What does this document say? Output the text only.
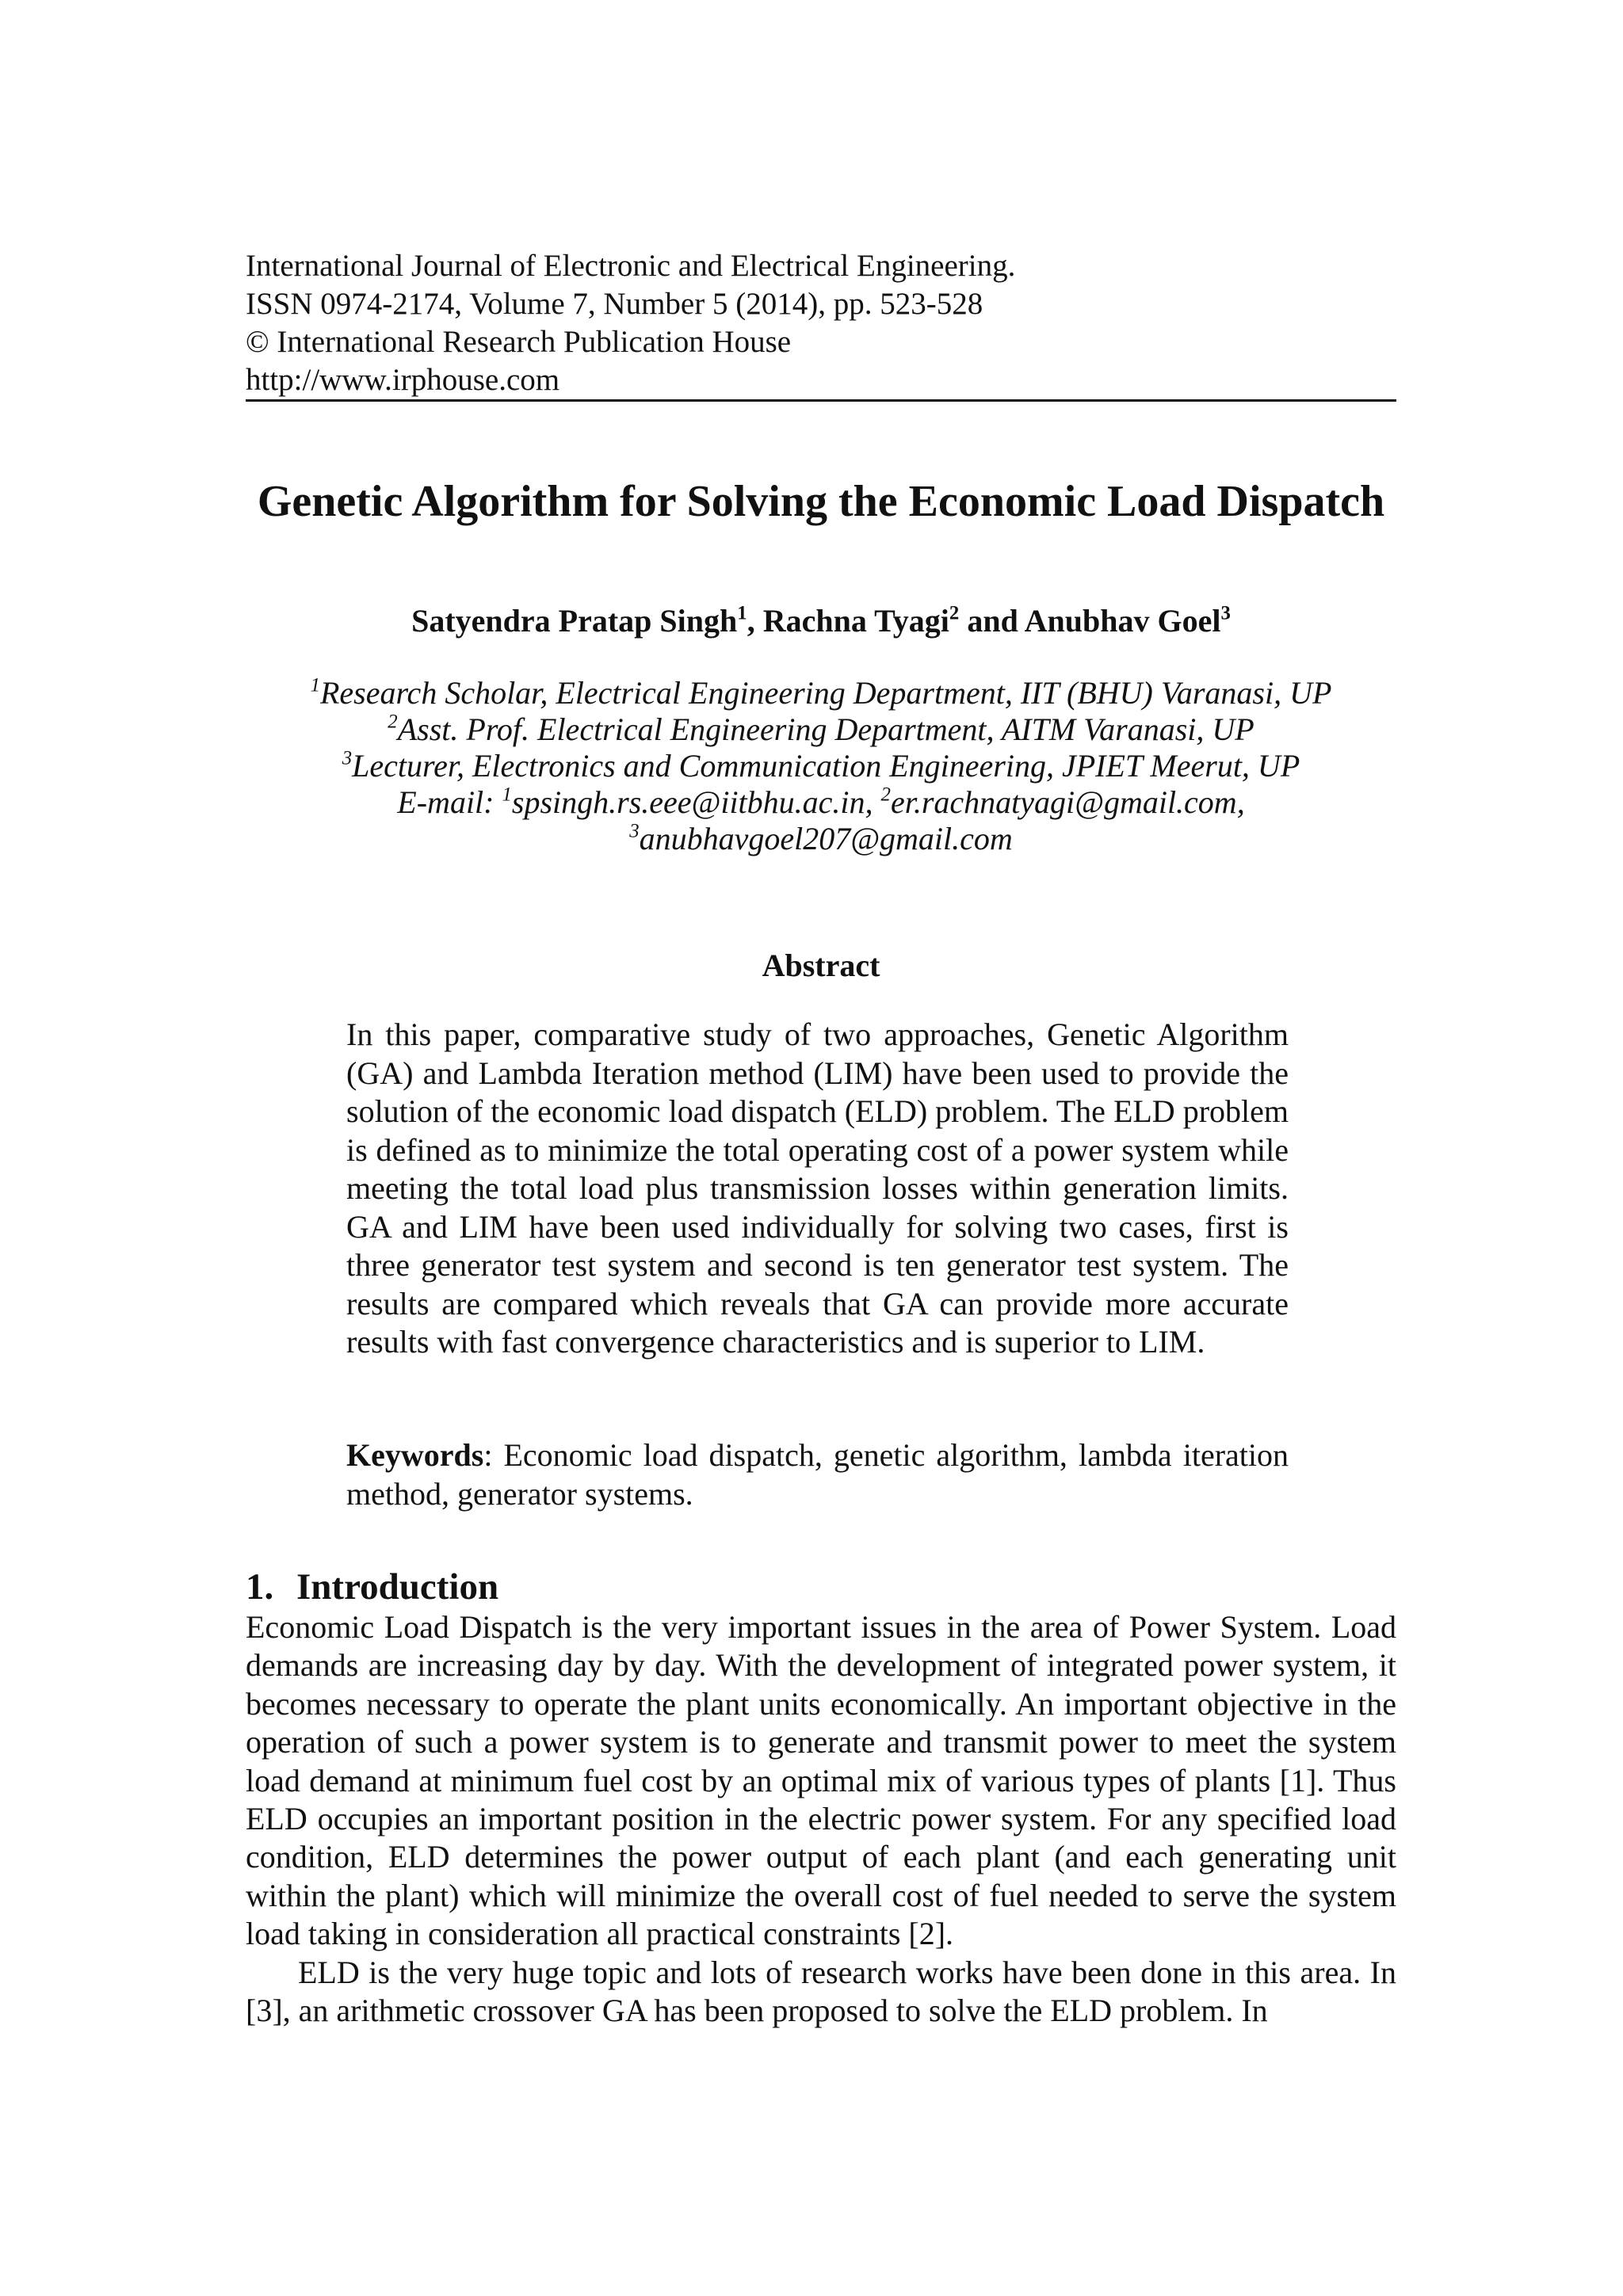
International Journal of Electronic and Electrical Engineering.
ISSN 0974-2174, Volume 7, Number 5 (2014), pp. 523-528
© International Research Publication House
http://www.irphouse.com
Genetic Algorithm for Solving the Economic Load Dispatch
Satyendra Pratap Singh$^1$, Rachna Tyagi$^2$ and Anubhav Goel$^3$
$^1$Research Scholar, Electrical Engineering Department, IIT (BHU) Varanasi, UP
$^2$Asst. Prof. Electrical Engineering Department, AITM Varanasi, UP
$^3$Lecturer, Electronics and Communication Engineering, JPIET Meerut, UP
E-mail: $^1$spsingh.rs.eee@iitbhu.ac.in, $^2$er.rachnatyagi@gmail.com,
$^3$anubhavgoel207@gmail.com
Abstract

In this paper, comparative study of two approaches, Genetic Algorithm (GA) and Lambda Iteration method (LIM) have been used to provide the solution of the economic load dispatch (ELD) problem. The ELD problem is defined as to minimize the total operating cost of a power system while meeting the total load plus transmission losses within generation limits. GA and LIM have been used individually for solving two cases, first is three generator test system and second is ten generator test system. The results are compared which reveals that GA can provide more accurate results with fast convergence characteristics and is superior to LIM.

Keywords: Economic load dispatch, genetic algorithm, lambda iteration method, generator systems.

1. Introduction

Economic Load Dispatch is the very important issues in the area of Power System. Load demands are increasing day by day. With the development of integrated power system, it becomes necessary to operate the plant units economically. An important objective in the operation of such a power system is to generate and transmit power to meet the system load demand at minimum fuel cost by an optimal mix of various types of plants [1]. Thus ELD occupies an important position in the electric power system. For any specified load condition, ELD determines the power output of each plant (and each generating unit within the plant) which will minimize the overall cost of fuel needed to serve the system load taking in consideration all practical constraints [2].

ELD is the very huge topic and lots of research works have been done in this area. In [3], an arithmetic crossover GA has been proposed to solve the ELD problem. In
